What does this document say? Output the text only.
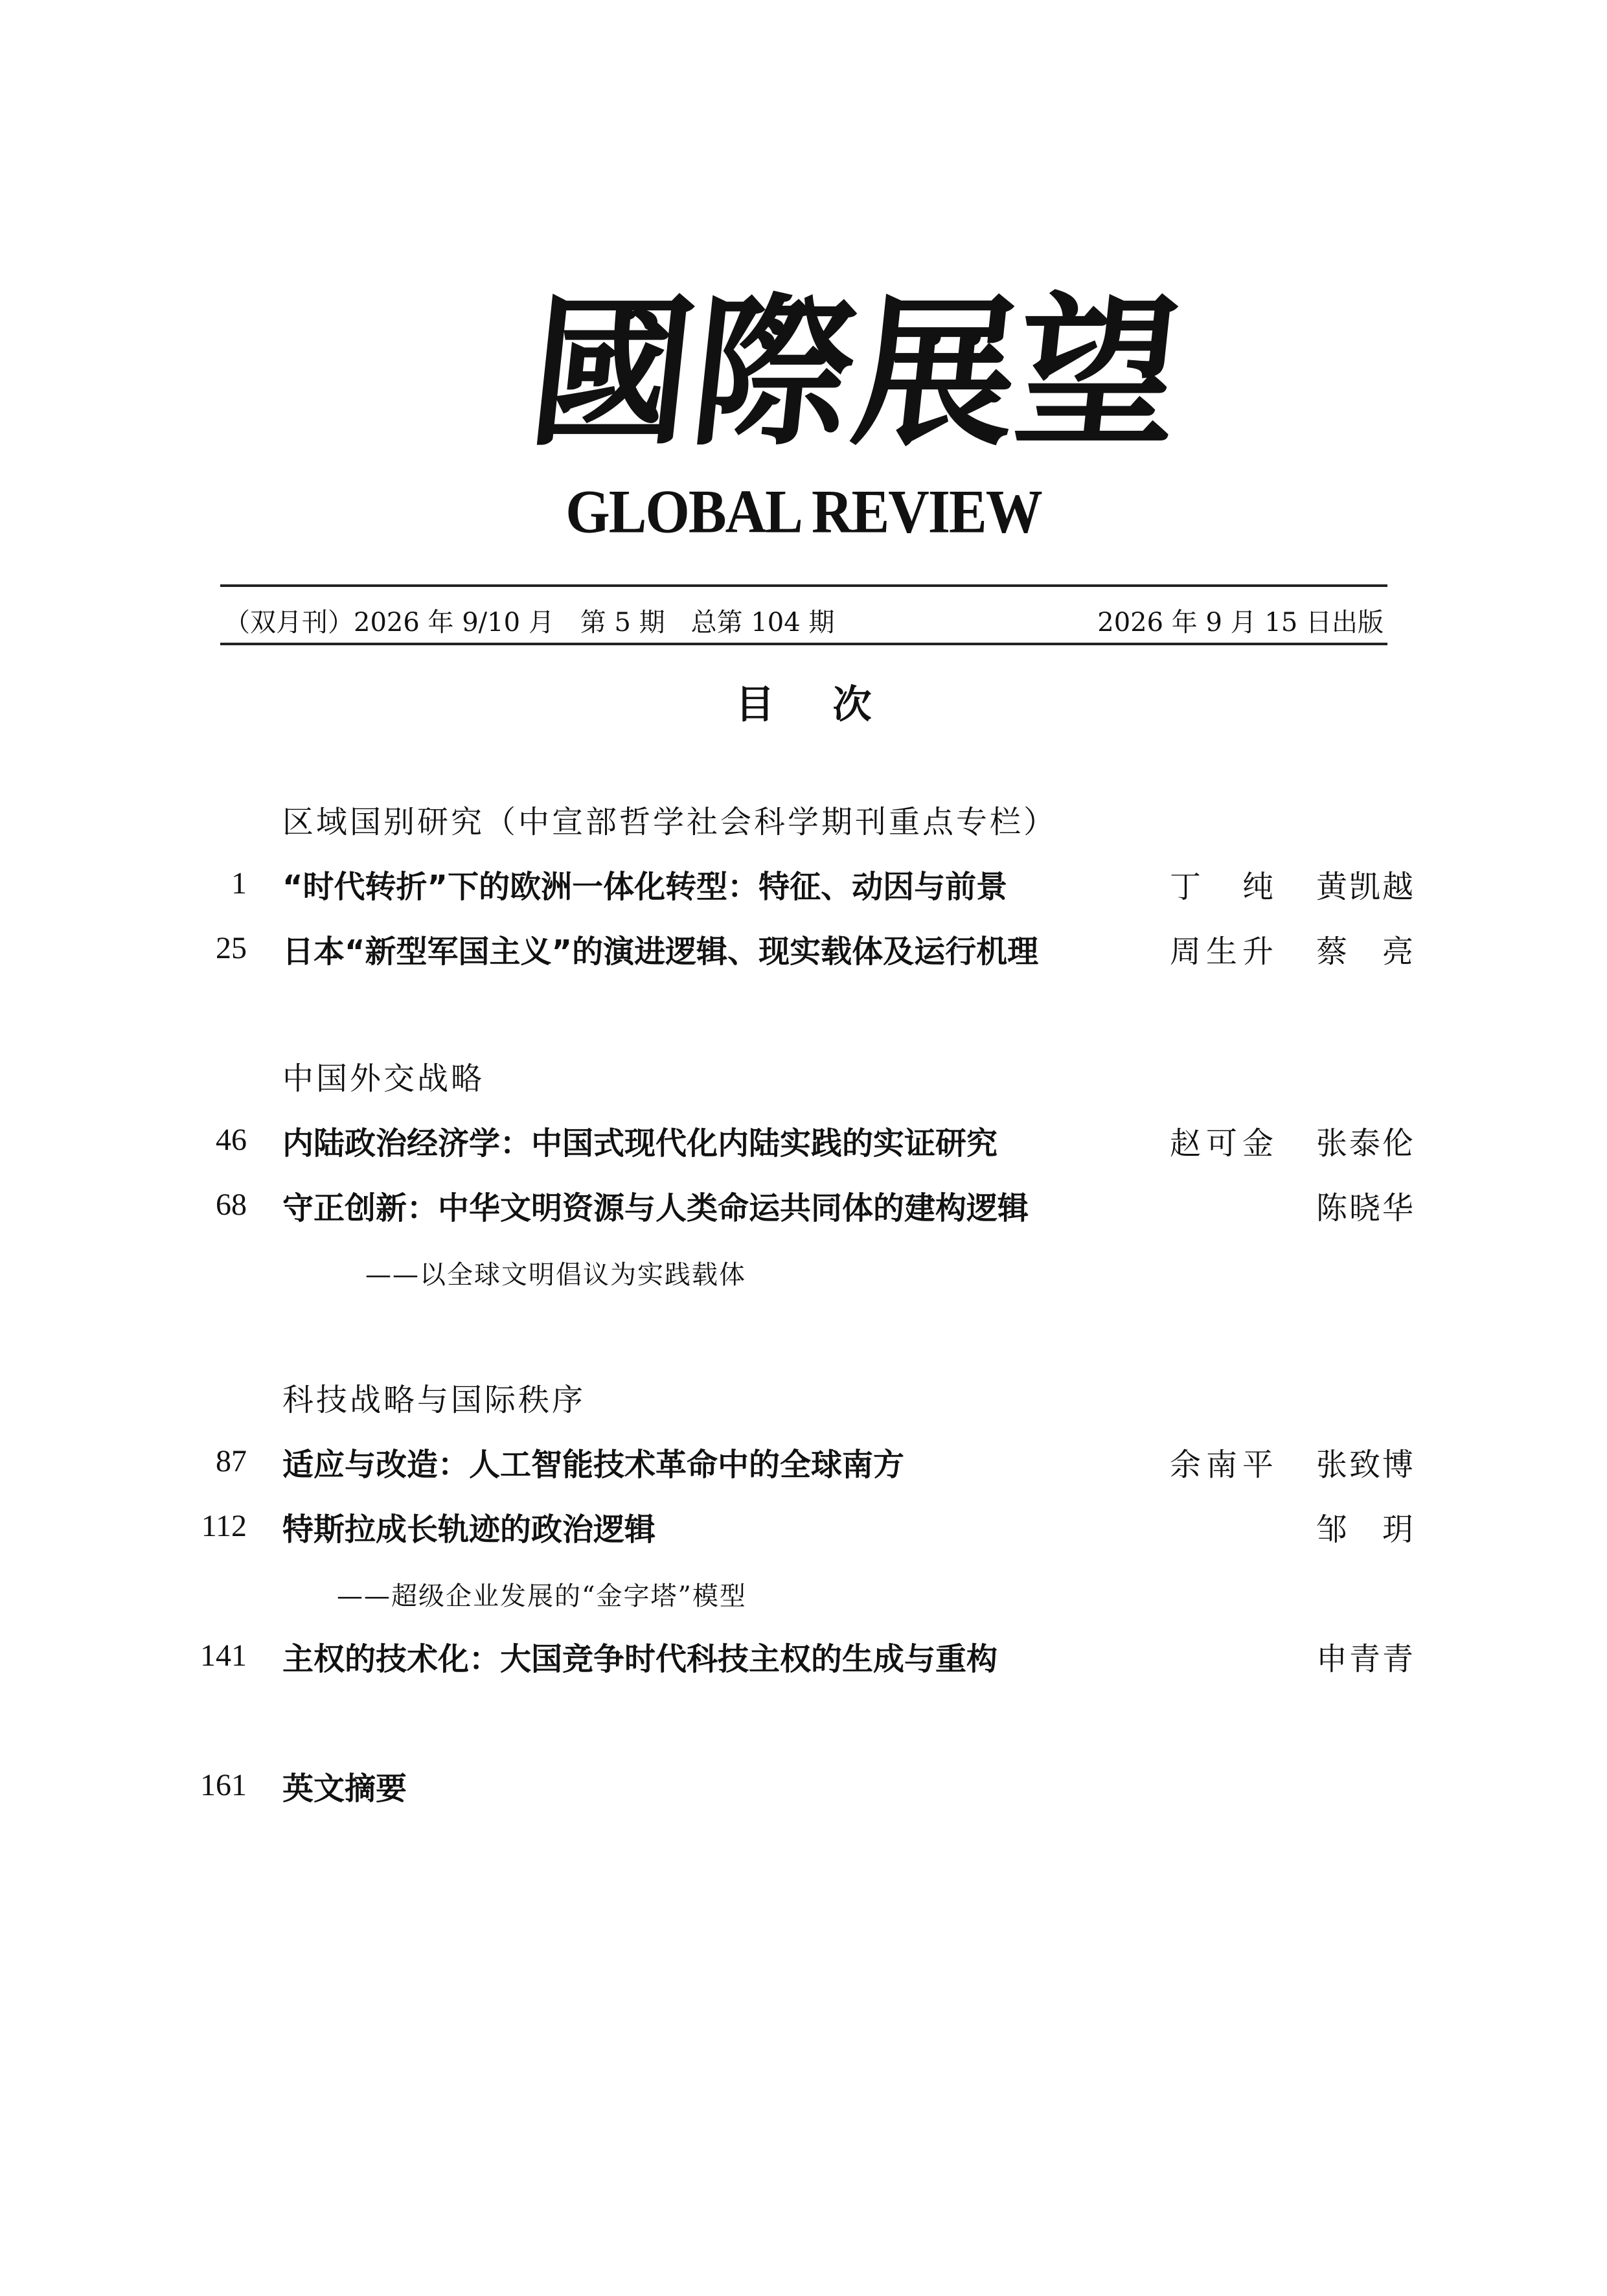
國
際
展
望
GLOBAL REVIEW
（双月刊）2026 年 9/10 月　第 5 期　总第 104 期	2026 年 9 月 15 日出版
目次
区域国别研究（中宣部哲学社会科学期刊重点专栏）
1 “时代转折”下的欧洲一体化转型：特征、动因与前景	丁纯 黄凯越
25 日本“新型军国主义”的演进逻辑、现实载体及运行机理	周生升 蔡亮
中国外交战略
46 内陆政治经济学：中国式现代化内陆实践的实证研究	赵可金 张泰伦
68 守正创新：中华文明资源与人类命运共同体的建构逻辑	陈晓华
——以全球文明倡议为实践载体
科技战略与国际秩序
87 适应与改造：人工智能技术革命中的全球南方	余南平 张致博
112 特斯拉成长轨迹的政治逻辑	邹玥
——超级企业发展的“金字塔”模型
141 主权的技术化：大国竞争时代科技主权的生成与重构	申青青
161 英文摘要
